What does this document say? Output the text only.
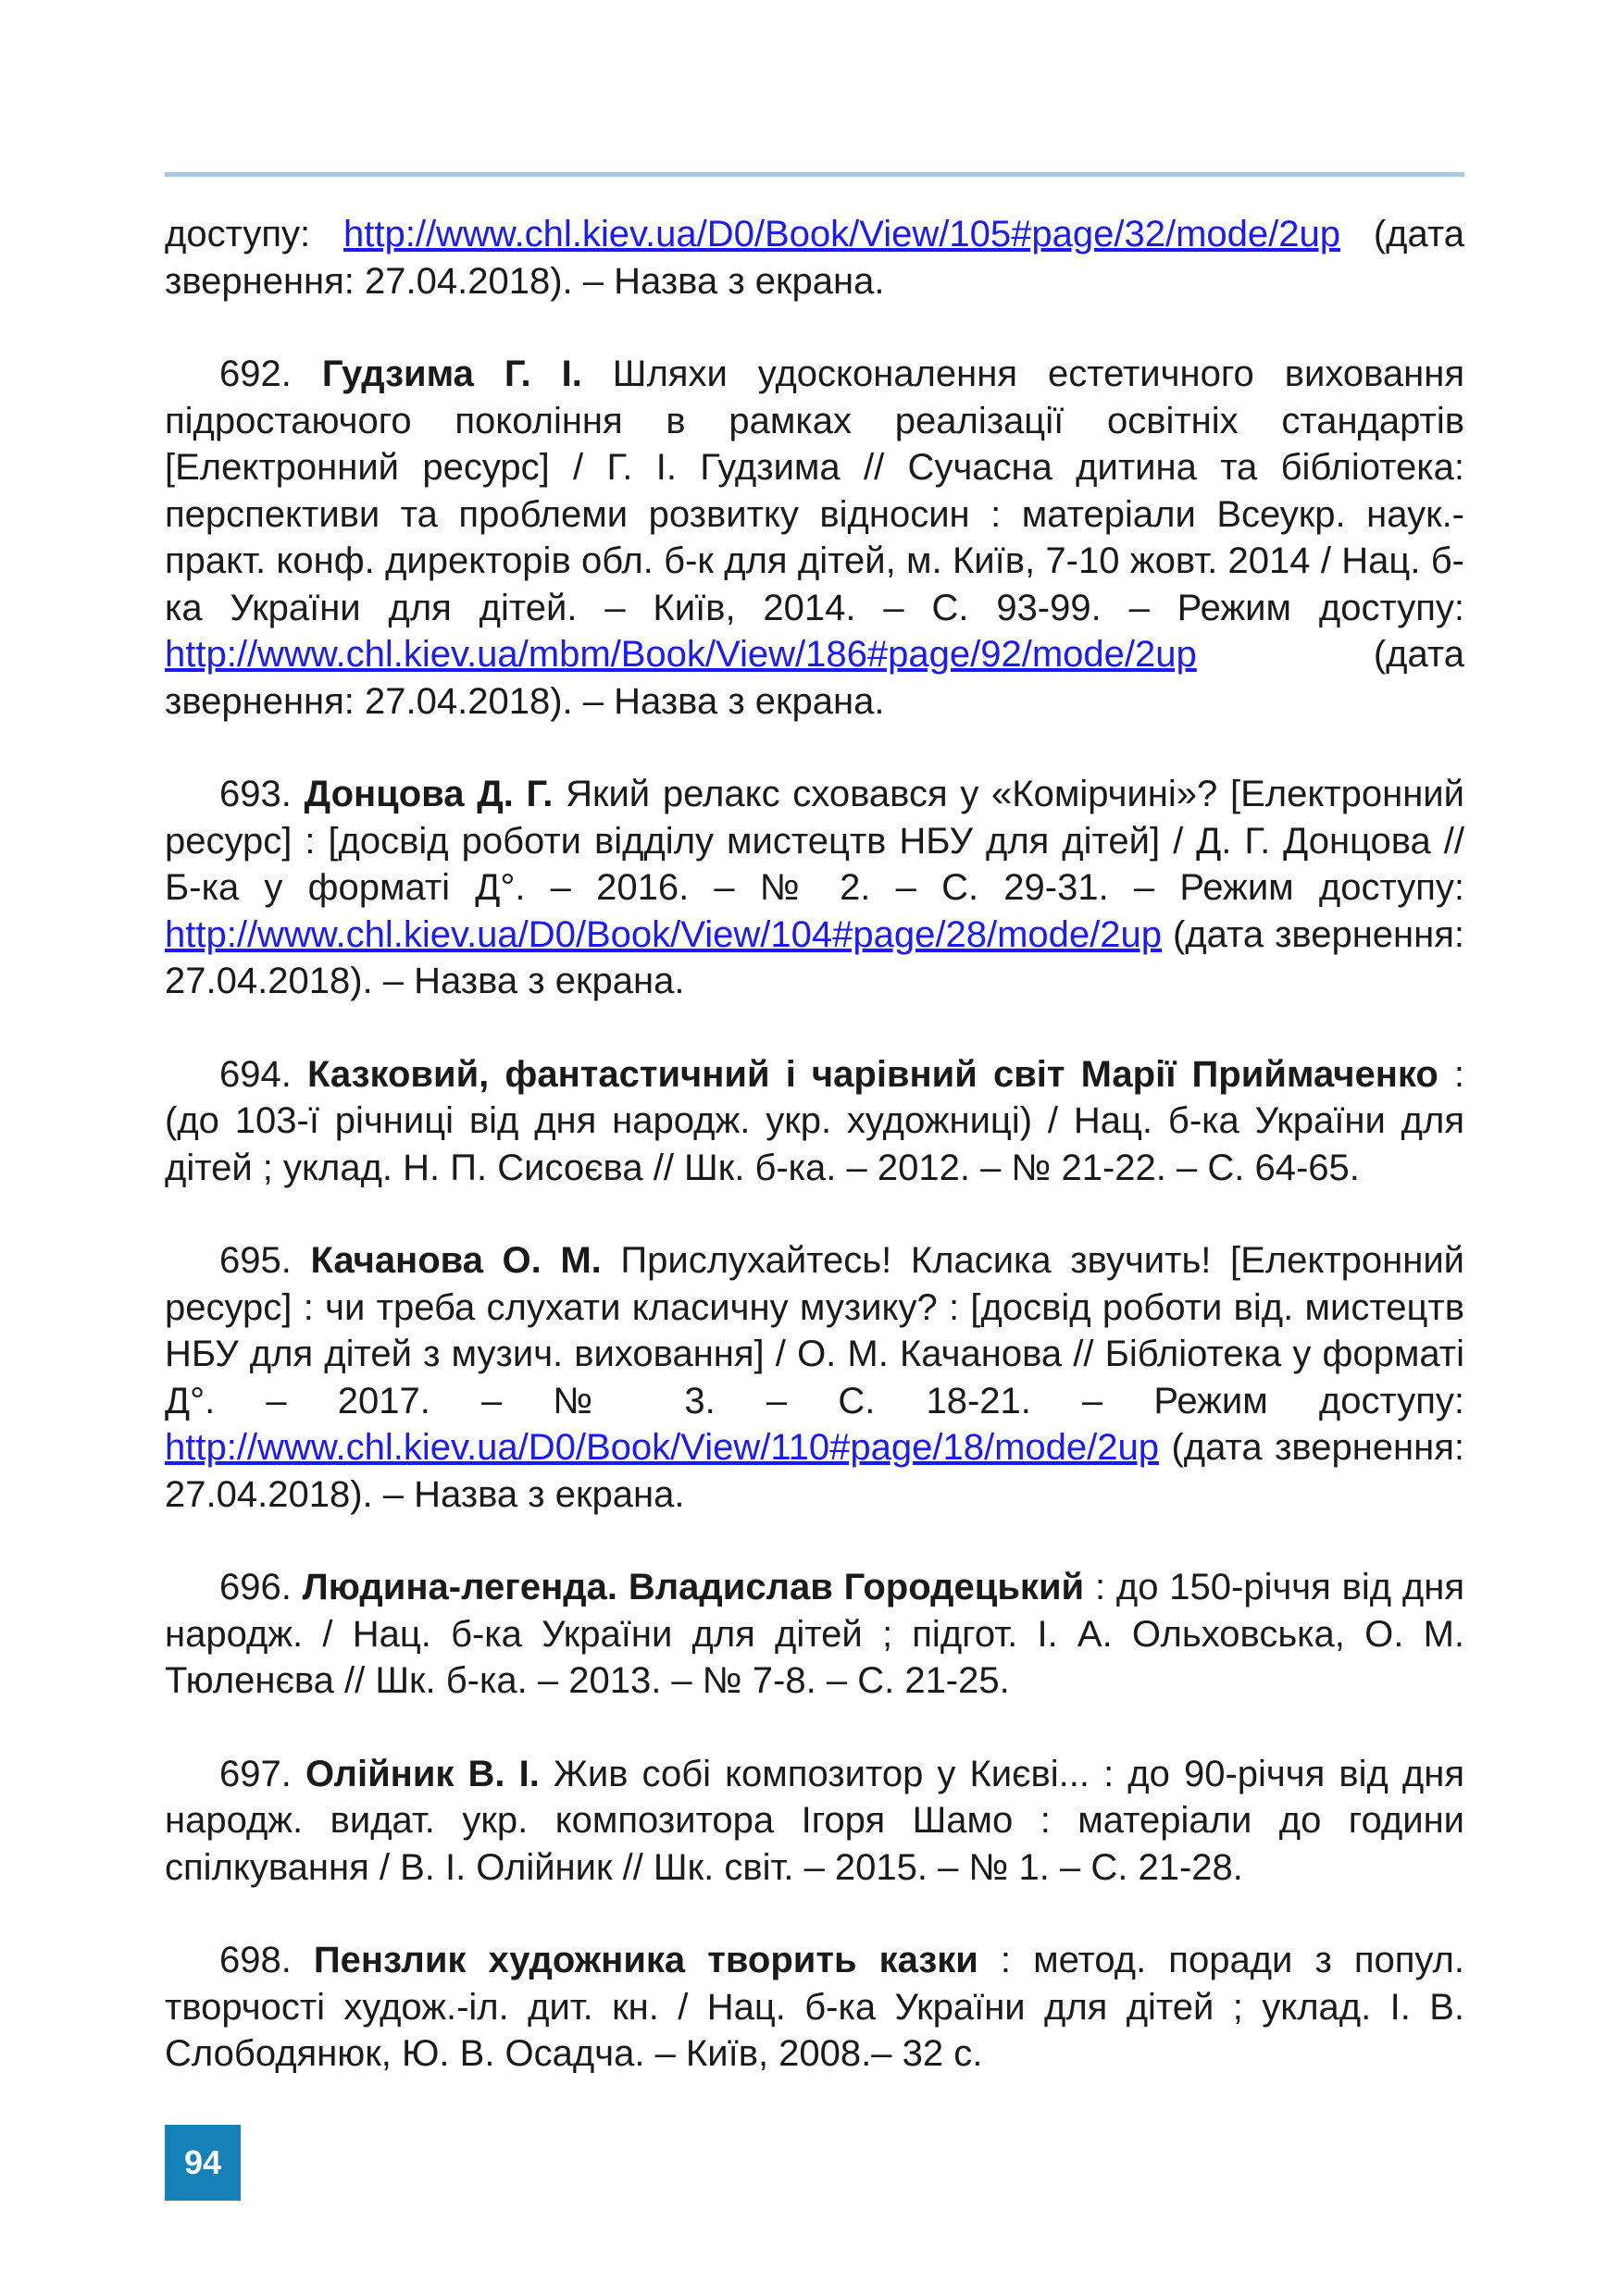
доступу: http://www.chl.kiev.ua/D0/Book/View/105#page/32/mode/2up (дата звернення: 27.04.2018). – Назва з екрана.

692. Гудзима Г. І. Шляхи удосконалення естетичного виховання підростаючого покоління в рамках реалізації освітніх стандартів [Електронний ресурс] / Г. І. Гудзима // Сучасна дитина та бібліотека: перспективи та проблеми розвитку відносин : матеріали Всеукр. наук.-практ. конф. директорів обл. б-к для дітей, м. Київ, 7-10 жовт. 2014 / Нац. б-ка України для дітей. – Київ, 2014. – С. 93-99. – Режим доступу: http://www.chl.kiev.ua/mbm/Book/View/186#page/92/mode/2up (дата звернення: 27.04.2018). – Назва з екрана.

693. Донцова Д. Г. Який релакс сховався у «Комірчині»? [Електронний ресурс] : [досвід роботи відділу мистецтв НБУ для дітей] / Д. Г. Донцова // Б-ка у форматі Д°. – 2016. – № 2. – С. 29-31. – Режим доступу: http://www.chl.kiev.ua/D0/Book/View/104#page/28/mode/2up (дата звернення: 27.04.2018). – Назва з екрана.

694. Казковий, фантастичний і чарівний світ Марії Приймаченко : (до 103-ї річниці від дня народж. укр. художниці) / Нац. б-ка України для дітей ; уклад. Н. П. Сисоєва // Шк. б-ка. – 2012. – № 21-22. – С. 64-65.

695. Качанова О. М. Прислухайтесь! Класика звучить! [Електронний ресурс] : чи треба слухати класичну музику? : [досвід роботи від. мистецтв НБУ для дітей з музич. виховання] / О. М. Качанова // Бібліотека у форматі Д°. – 2017. – № 3. – С. 18-21. – Режим доступу: http://www.chl.kiev.ua/D0/Book/View/110#page/18/mode/2up (дата звернення: 27.04.2018). – Назва з екрана.

696. Людина-легенда. Владислав Городецький : до 150-річчя від дня народж. / Нац. б-ка України для дітей ; підгот. І. А. Ольховська, О. М. Тюленєва // Шк. б-ка. – 2013. – № 7-8. – С. 21-25.

697. Олійник В. І. Жив собі композитор у Києві... : до 90-річчя від дня народж. видат. укр. композитора Ігоря Шамо : матеріали до години спілкування / В. І. Олійник // Шк. світ. – 2015. – № 1. – С. 21-28.

698. Пензлик художника творить казки : метод. поради з попул. творчості худож.-іл. дит. кн. / Нац. б-ка України для дітей ; уклад. І. В. Слободянюк, Ю. В. Осадча. – Київ, 2008.– 32 с.

94
